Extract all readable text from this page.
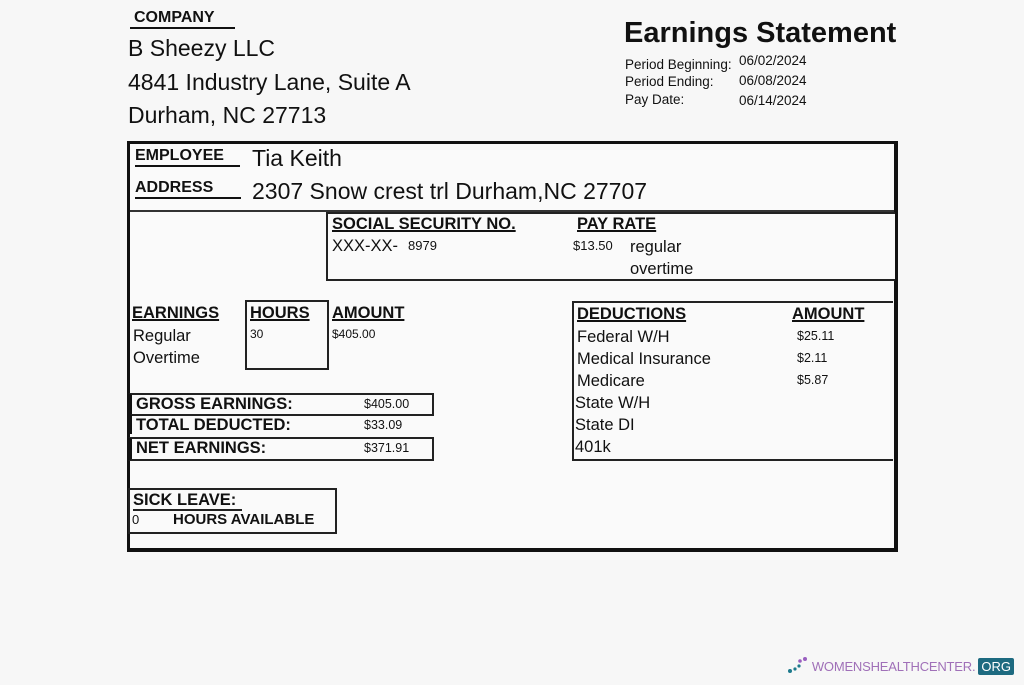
COMPANY
B Sheezy LLC
4841 Industry Lane, Suite A
Durham, NC 27713
Earnings Statement
Period Beginning: 06/02/2024
Period Ending: 06/08/2024
Pay Date:	06/14/2024
EMPLOYEE	Tia Keith
ADDRESS	2307 Snow crest trl Durham,NC 27707
SOCIAL SECURITY NO.
XXX-XX- 8979
PAY RATE
$13.50 regular
overtime
EARNINGS HOURS AMOUNT
Regular	30	$405.00
Overtime
GROSS EARNINGS:	$405.00
TOTAL DEDUCTED:	$33.09
NET EARNINGS:	$371.91
DEDUCTIONS	AMOUNT
Federal W/H	$25.11
Medical Insurance	$2.11
Medicare	$5.87
State W/H
State DI
401k
SICK LEAVE:
0 HOURS AVAILABLE
WOMENSHEALTHCENTER. ORG
